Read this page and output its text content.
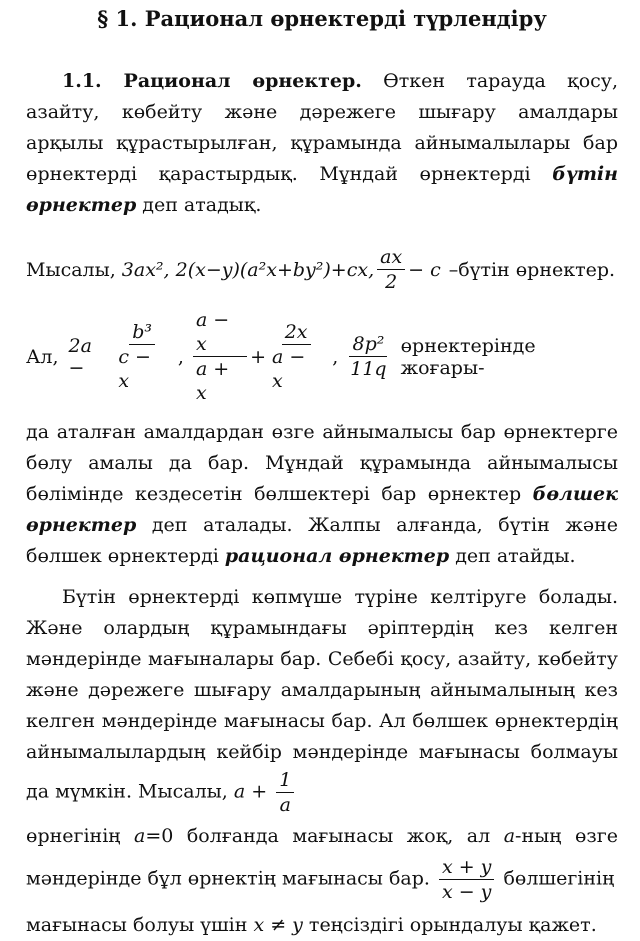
§ 1. Рационал өрнектерді түрлендіру

1.1. Рационал өрнектер. Өткен тарауда қосу, азайту, көбейту және дәрежеге шығару амалдары арқылы құрастырылған, құрамында айнымалылары бар өрнектерді қарастырдық. Мұндай өрнектерді бүтін өрнектер деп атадық.

Мысалы, 3ax², 2(x−y)(a²x+by²)+cx, $\frac{ax}{2} - c$ –бүтін өрнектер.
Ал, 2a −	$\frac{\text{b³}}{c - x}$ , $\frac{a - x}{a + x} + \frac{2x}{a - x}$ , $\frac{\text{8p²}}{11q}$ өрнектерінде жоғары-

да аталған амалдардан өзге айнымалысы бар өрнектерге бөлу амалы да бар. Мұндай құрамында айнымалысы бөлімінде кездесетін бөлшектері бар өрнектер бөлшек өрнектер деп аталады. Жалпы алғанда, бүтін және бөлшек өрнектерді рационал өрнектер деп атайды.

Бүтін өрнектерді көпмүше түріне келтіруге болады. Және олардың құрамындағы әріптердің кез келген мәндерінде мағыналары бар. Себебі қосу, азайту, көбейту және дәрежеге шығару амалдарының айнымалының кез келген мәндерінде мағынасы бар. Ал бөлшек өрнектердің айнымалылардың кейбір мәндерінде мағынасы болмауы да мүмкін. Мысалы, $a + \frac{1}{a}$

өрнегінің a=0 болғанда мағынасы жоқ, ал a-ның өзге мәндерінде бұл өрнектің мағынасы бар. $\frac{x + y}{x - y}$ бөлшегінің

мағынасы болуы үшін x ≠ y теңсіздігі орындалуы қажет.
